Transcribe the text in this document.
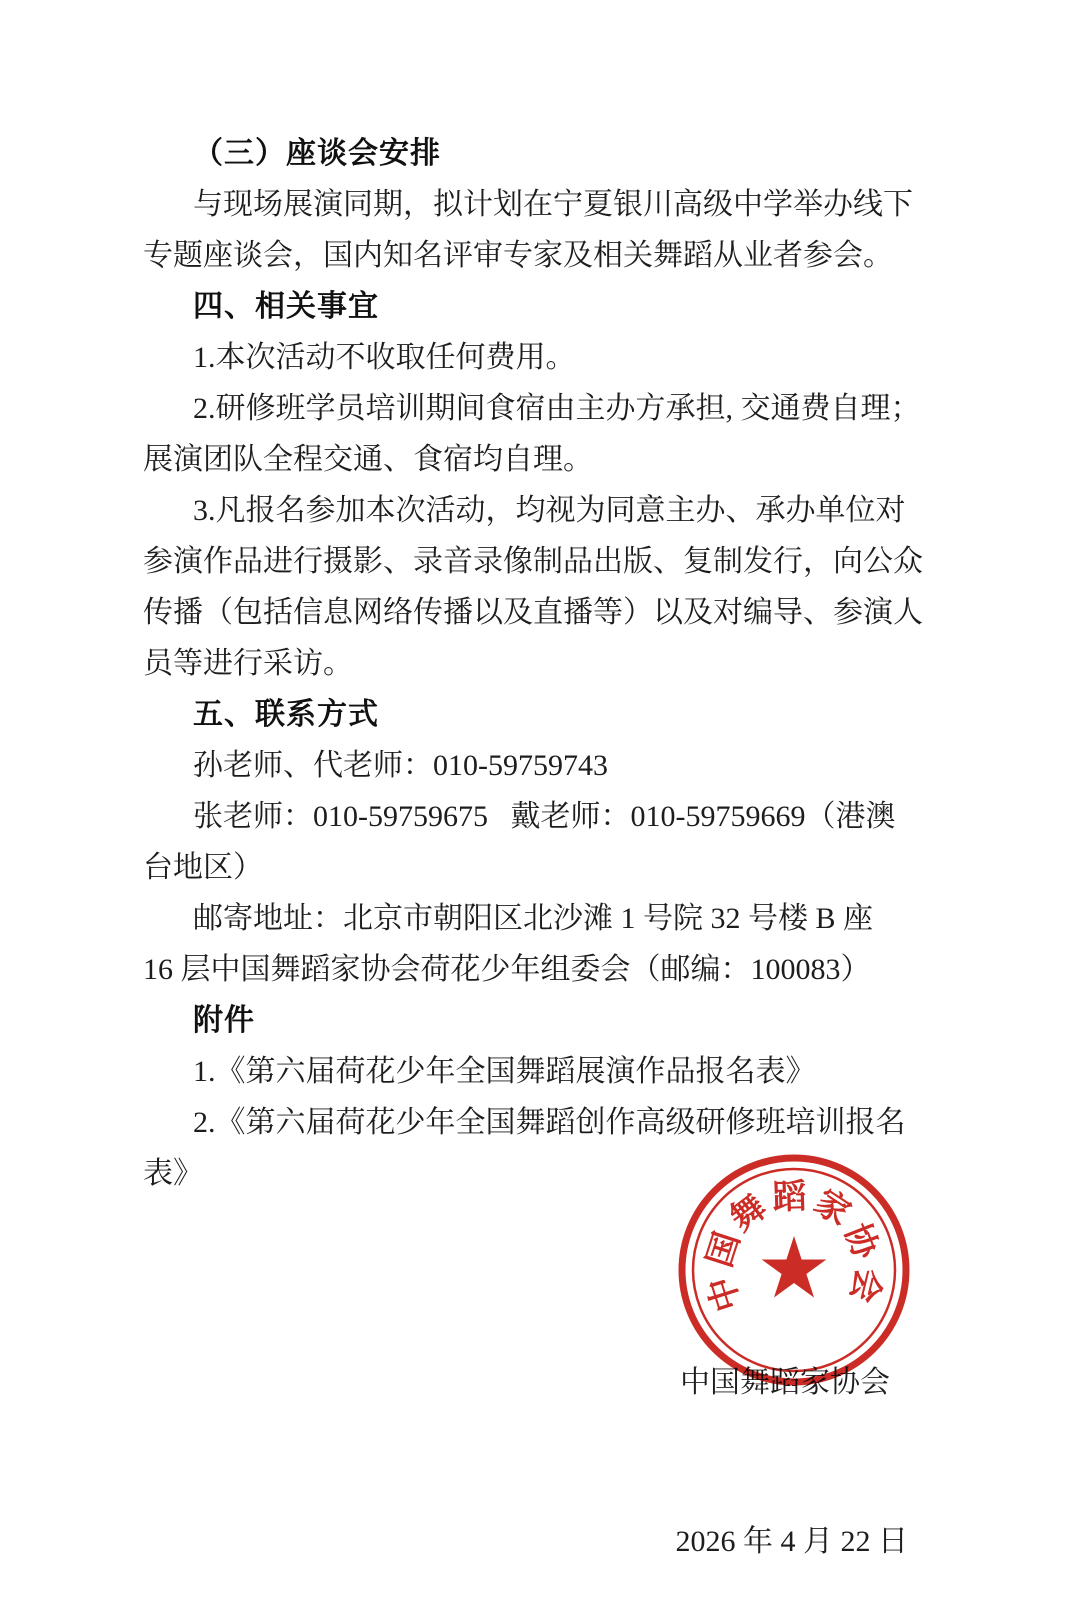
（三）座谈会安排
与现场展演同期，拟计划在宁夏银川高级中学举办线下
专题座谈会，国内知名评审专家及相关舞蹈从业者参会。
四、相关事宜
1.本次活动不收取任何费用。
2.研修班学员培训期间食宿由主办方承担, 交通费自理；
展演团队全程交通、食宿均自理。
3.凡报名参加本次活动，均视为同意主办、承办单位对
参演作品进行摄影、录音录像制品出版、复制发行，向公众
传播（包括信息网络传播以及直播等）以及对编导、参演人
员等进行采访。
五、联系方式
孙老师、代老师：010-59759743
张老师：010-59759675   戴老师：010-59759669（港澳
台地区）
邮寄地址：北京市朝阳区北沙滩 1 号院 32 号楼 B 座
16 层中国舞蹈家协会荷花少年组委会（邮编：100083）
附件
1.《第六届荷花少年全国舞蹈展演作品报名表》
2.《第六届荷花少年全国舞蹈创作高级研修班培训报名
表》

中国舞蹈家协会

2026 年 4 月 22 日

中国舞蹈家协会
